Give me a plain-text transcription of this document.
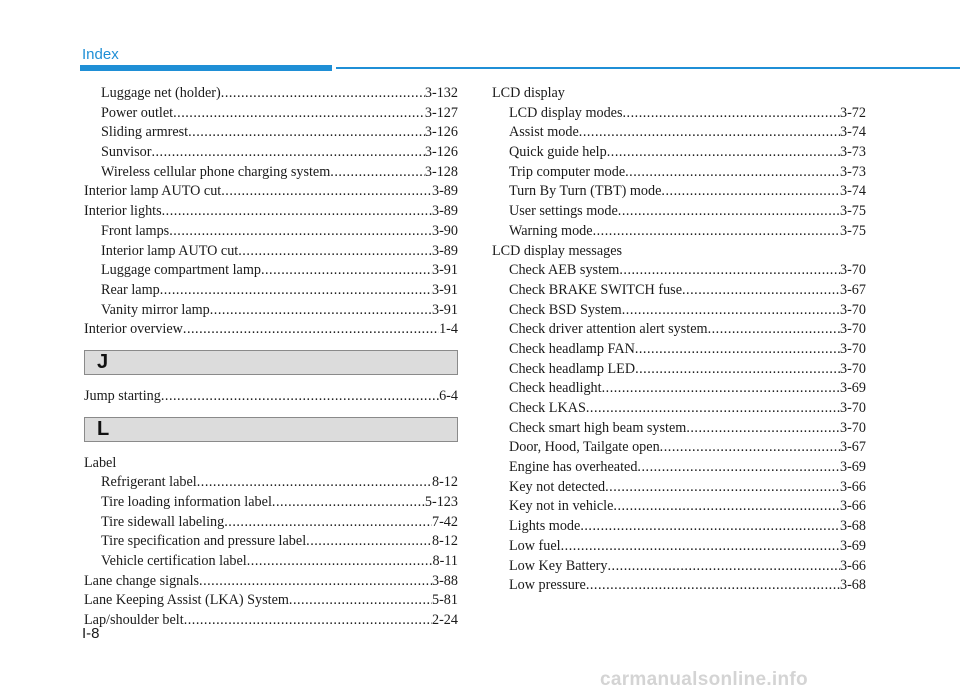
Index
Luggage net (holder) .....	3-132
Power outlet .....	3-127
Sliding armrest .....	3-126
Sunvisor .....	3-126
Wireless cellular phone charging system .....	3-128
Interior lamp AUTO cut .....	3-89
Interior lights .....	3-89
Front lamps .....	3-90
Interior lamp AUTO cut .....	3-89
Luggage compartment lamp .....	3-91
Rear lamp .....	3-91
Vanity mirror lamp .....	3-91
Interior overview .....	1-4
J
Jump starting .....	6-4
L
Label
Refrigerant label .....	8-12
Tire loading information label .....	5-123
Tire sidewall labeling .....	7-42
Tire specification and pressure label .....	8-12
Vehicle certification label .....	8-11
Lane change signals .....	3-88
Lane Keeping Assist (LKA) System .....	5-81
Lap/shoulder belt .....	2-24
LCD display
LCD display modes .....	3-72
Assist mode .....	3-74
Quick guide help .....	3-73
Trip computer mode .....	3-73
Turn By Turn (TBT) mode .....	3-74
User settings mode .....	3-75
Warning mode .....	3-75
LCD display messages
Check AEB system .....	3-70
Check BRAKE SWITCH fuse .....	3-67
Check BSD System .....	3-70
Check driver attention alert system .....	3-70
Check headlamp FAN .....	3-70
Check headlamp LED .....	3-70
Check headlight .....	3-69
Check LKAS .....	3-70
Check smart high beam system .....	3-70
Door, Hood, Tailgate open .....	3-67
Engine has overheated .....	3-69
Key not detected .....	3-66
Key not in vehicle .....	3-66
Lights mode .....	3-68
Low fuel .....	3-69
Low Key Battery .....	3-66
Low pressure .....	3-68
I-8
carmanualsonline.info
